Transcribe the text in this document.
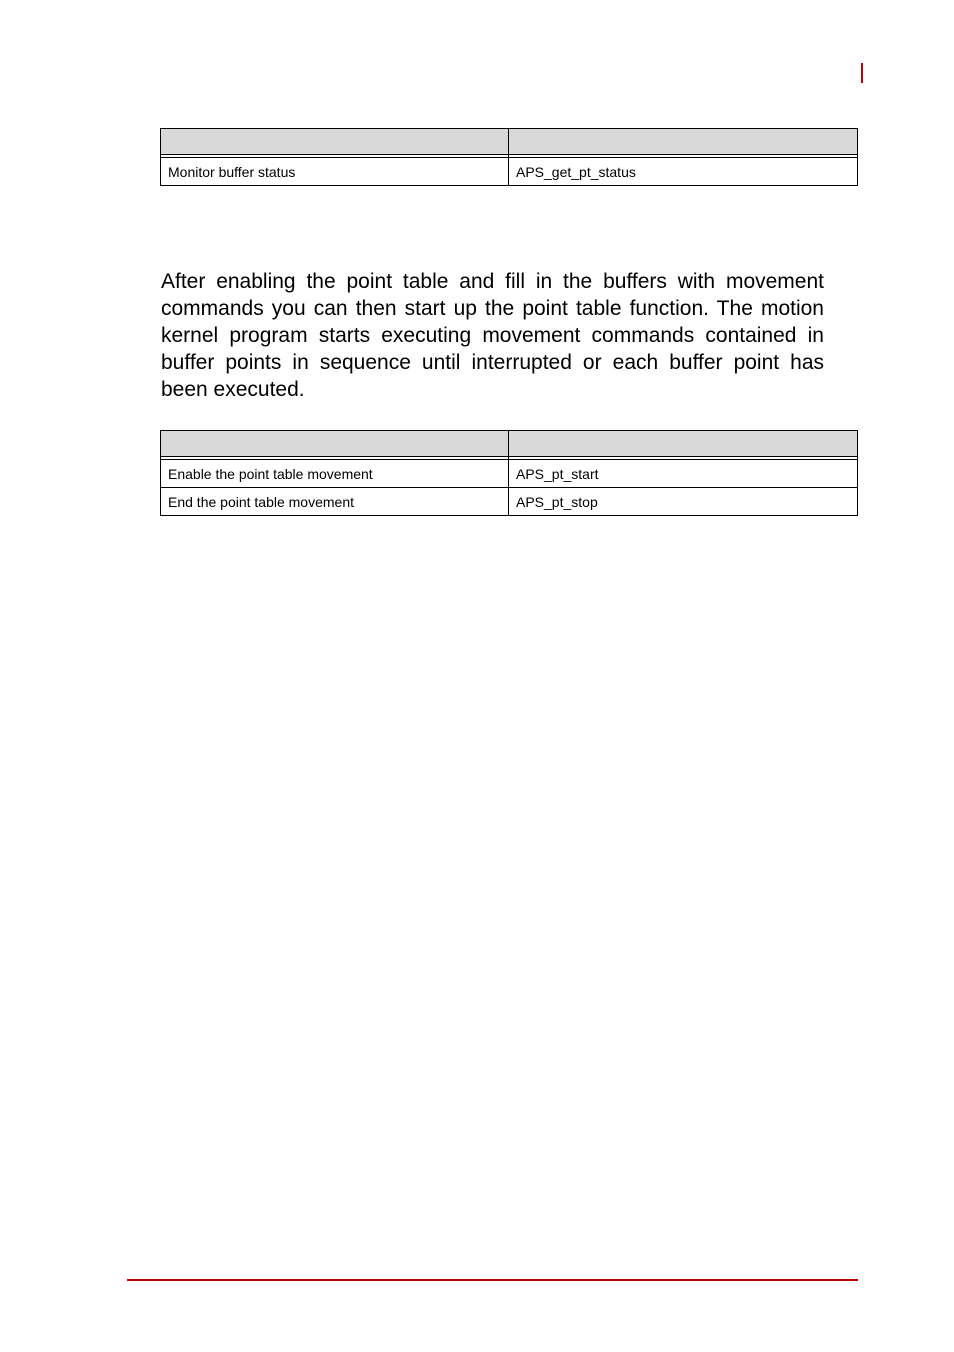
Monitor buffer status	APS_get_pt_status

After enabling the point table and fill in the buffers with movement commands you can then start up the point table function. The motion kernel program starts executing movement commands contained in buffer points in sequence until interrupted or each buffer point has been executed.

Enable the point table movement	APS_pt_start
End the point table movement	APS_pt_stop
